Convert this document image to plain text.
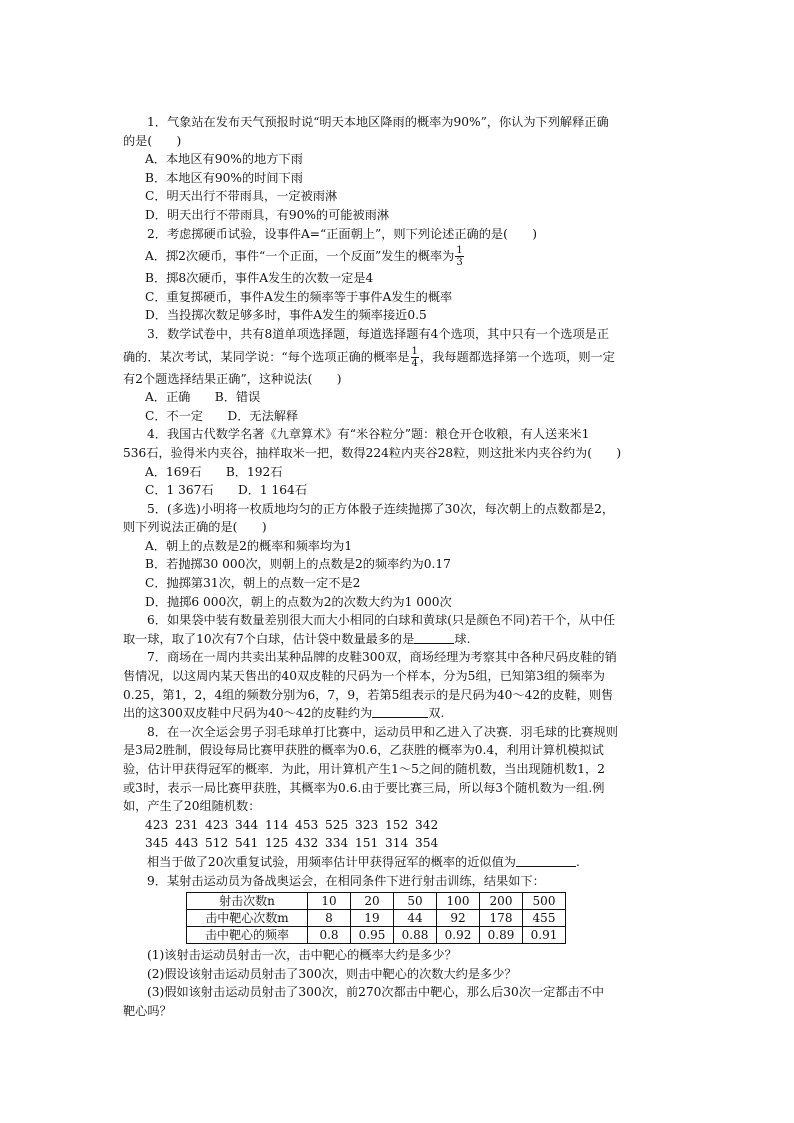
1．气象站在发布天气预报时说“明天本地区降雨的概率为90%”，你认为下列解释正确

的是(　　)

A．本地区有90%的地方下雨

B．本地区有90%的时间下雨

C．明天出行不带雨具，一定被雨淋

D．明天出行不带雨具，有90%的可能被雨淋

2．考虑掷硬币试验，设事件A=“正面朝上”，则下列论述正确的是(　　)

A．掷2次硬币，事件“一个正面，一个反面”发生的概率为 $\frac{1}{3}$

B．掷8次硬币，事件A发生的次数一定是4

C．重复掷硬币，事件A发生的频率等于事件A发生的概率

D．当投掷次数足够多时，事件A发生的频率接近0.5

3．数学试卷中，共有8道单项选择题，每道选择题有4个选项，其中只有一个选项是正

确的．某次考试，某同学说：“每个选项正确的概率是 $\frac{1}{4}$ ，我每题都选择第一个选项，则一定

有2个题选择结果正确”，这种说法(　　)

A．正确　　B．错误

C．不一定　　D．无法解释

4．我国古代数学名著《九章算术》有“米谷粒分”题：粮仓开仓收粮，有人送来米1

536石，验得米内夹谷，抽样取米一把，数得224粒内夹谷28粒，则这批米内夹谷约为(　　)

A．169石　　B．192石

C．1 367石　　D．1 164石

5．(多选)小明将一枚质地均匀的正方体骰子连续抛掷了30次，每次朝上的点数都是2，

则下列说法正确的是(　　)

A．朝上的点数是2的概率和频率均为1

B．若抛掷30 000次，则朝上的点数是2的频率约为0.17

C．抛掷第31次，朝上的点数一定不是2

D．抛掷6 000次，朝上的点数为2的次数大约为1 000次

6．如果袋中装有数量差别很大而大小相同的白球和黄球(只是颜色不同)若干个，从中任

取一球，取了10次有7个白球，估计袋中数量最多的是	球.

7．商场在一周内共卖出某种品牌的皮鞋300双，商场经理为考察其中各种尺码皮鞋的销

售情况，以这周内某天售出的40双皮鞋的尺码为一个样本，分为5组，已知第3组的频率为

0.25，第1，2，4组的频数分别为6，7，9，若第5组表示的是尺码为40～42的皮鞋，则售

出的这300双皮鞋中尺码为40～42的皮鞋约为	双.

8．在一次全运会男子羽毛球单打比赛中，运动员甲和乙进入了决赛．羽毛球的比赛规则

是3局2胜制，假设每局比赛甲获胜的概率为0.6，乙获胜的概率为0.4，利用计算机模拟试

验，估计甲获得冠军的概率．为此，用计算机产生1～5之间的随机数，当出现随机数1，2

或3时，表示一局比赛甲获胜，其概率为0.6.由于要比赛三局，所以每3个随机数为一组.例

如，产生了20组随机数：

423 231 423 344 114 453 525 323 152 342

345 443 512 541 125 432 334 151 314 354

相当于做了20次重复试验，用频率估计甲获得冠军的概率的近似值为	.

9．某射击运动员为备战奥运会，在相同条件下进行射击训练，结果如下：

射击次数n	10	20	50	100	200	500
击中靶心次数m	8	19	44	92	178	455
击中靶心的频率	0.8	0.95	0.88	0.92	0.89	0.91

(1)该射击运动员射击一次，击中靶心的概率大约是多少？

(2)假设该射击运动员射击了300次，则击中靶心的次数大约是多少？

(3)假如该射击运动员射击了300次，前270次都击中靶心，那么后30次一定都击不中

靶心吗？
